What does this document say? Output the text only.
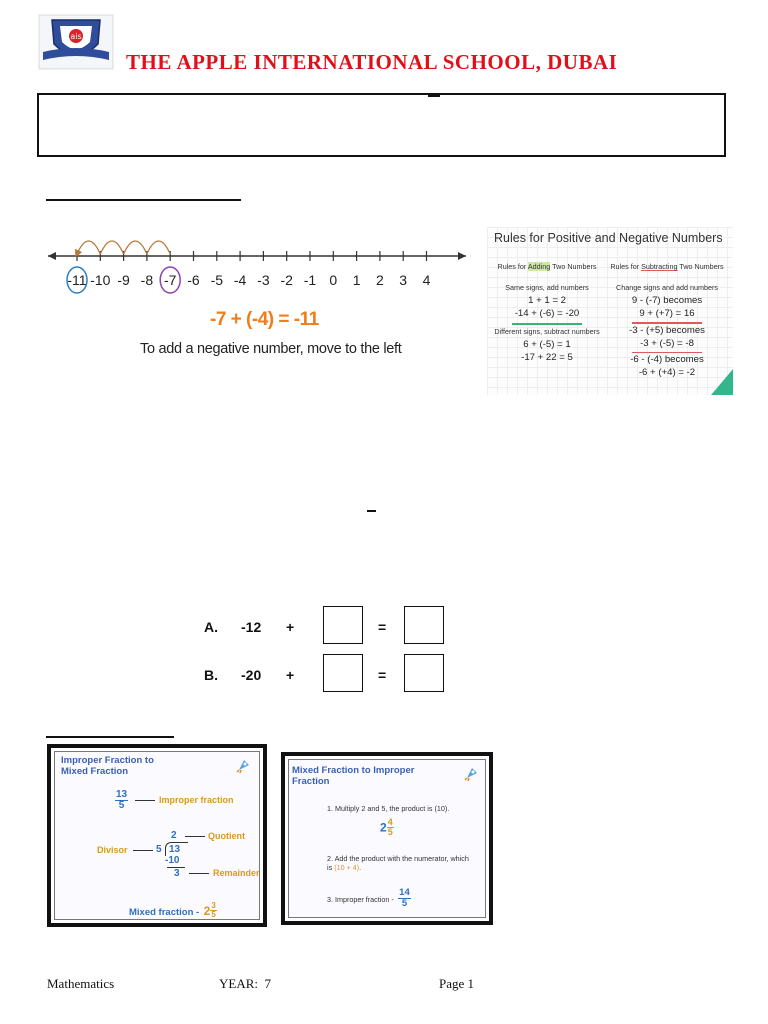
ais
THE APPLE INTERNATIONAL SCHOOL, DUBAI
-11 -10 -9 -8 -7 -6 -5 -4 -3 -2 -1 0 1 2 3 4
-7 + (-4) = -11
To add a negative number, move to the left
Rules for Positive and Negative Numbers
Rules for Adding Two Numbers
Same signs, add numbers
1 + 1 = 2
-14 + (-6) = -20
Different signs, subtract numbers
6 + (-5) = 1
-17 + 22 = 5
Rules for Subtracting Two Numbers
Change signs and add numbers
9 - (-7) becomes
9 + (+7) = 16
-3 - (+5) becomes
-3 + (-5) = -8
-6 - (-4) becomes
-6 + (+4) = -2
A. -12 +	=
B. -20 +	=
Improper Fraction to
Mixed Fraction
$\frac{13}{5}$	Improper fraction
2	Quotient
Divisor	5 13
-10
3	Remainder
Mixed fraction - $2 \frac{3}{5}$
Mixed Fraction to Improper
Fraction
1. Multiply 2 and 5, the product is (10).
$2 \frac{4}{5}$
2. Add the product with the numerator, which
is (10 + 4).
3. Improper fraction - $\frac{14}{5}$
Mathematics	YEAR:  7	Page 1
